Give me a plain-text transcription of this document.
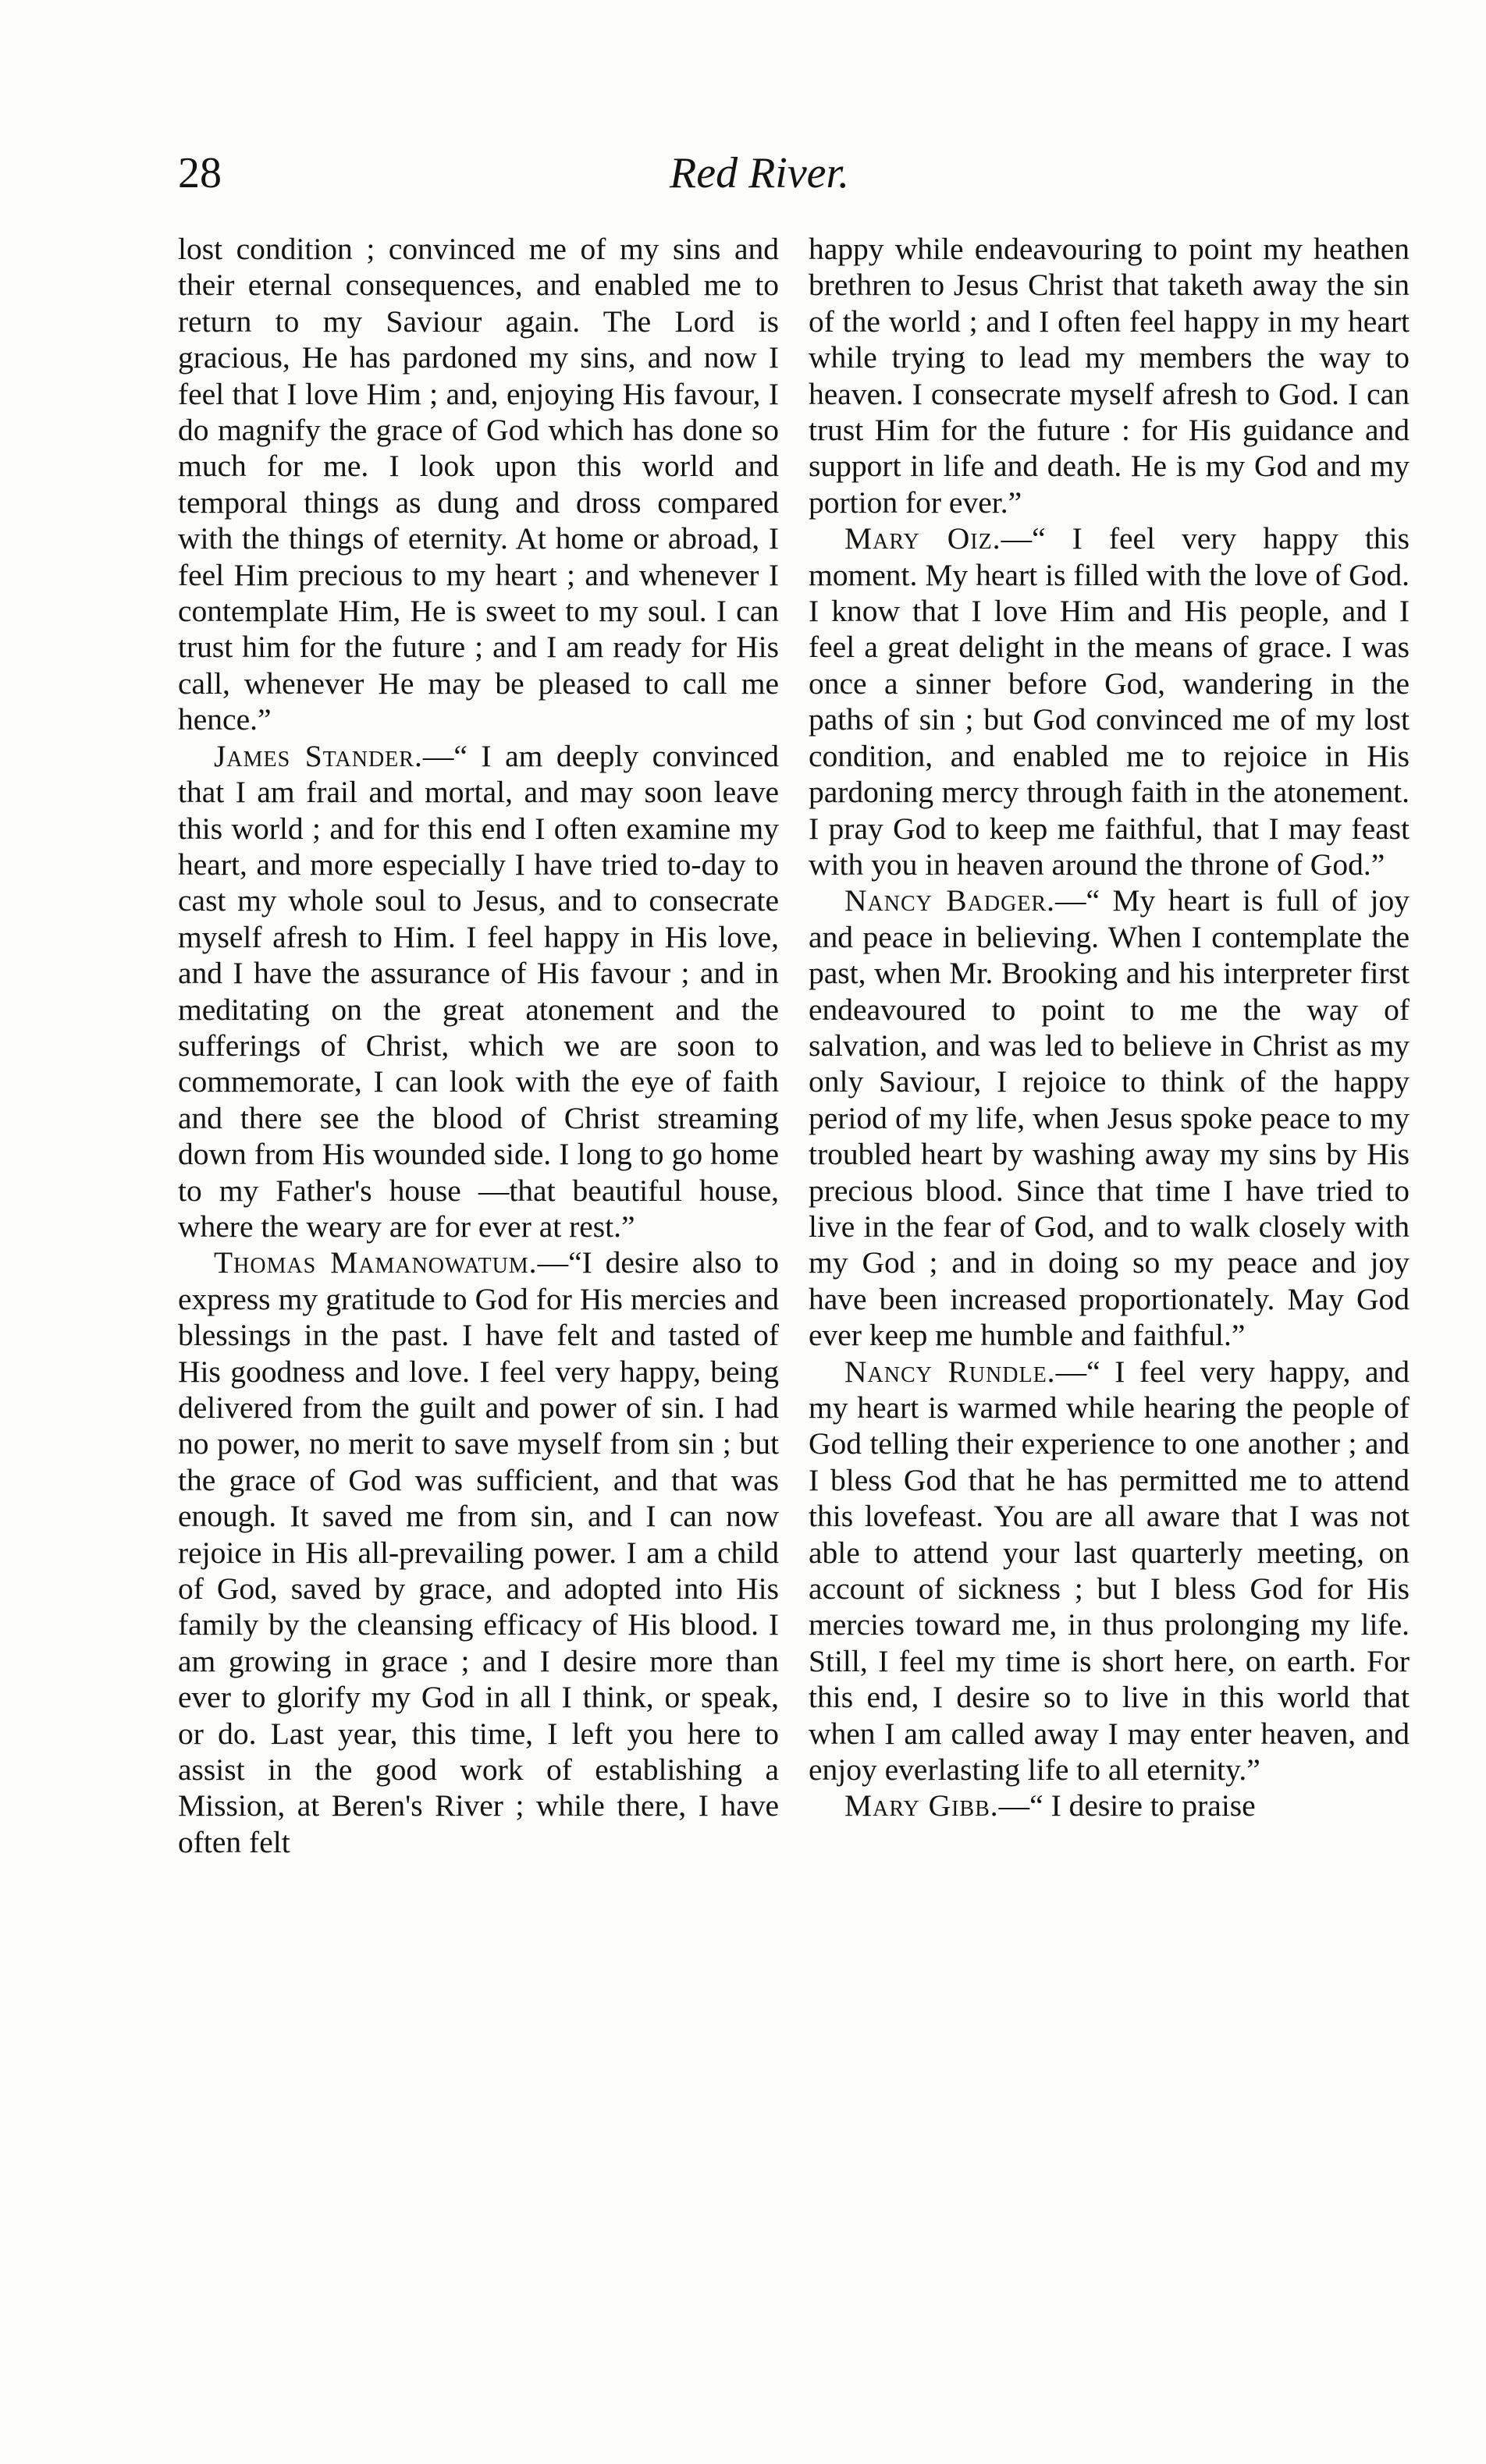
28	Red River.

lost condition ; convinced me of my sins and their eternal consequences, and enabled me to return to my Saviour again. The Lord is gracious, He has pardoned my sins, and now I feel that I love Him ; and, enjoying His favour, I do magnify the grace of God which has done so much for me. I look upon this world and temporal things as dung and dross compared with the things of eternity. At home or abroad, I feel Him precious to my heart ; and whenever I contemplate Him, He is sweet to my soul. I can trust him for the future ; and I am ready for His call, whenever He may be pleased to call me hence.”

James Stander.—“ I am deeply convinced that I am frail and mortal, and may soon leave this world ; and for this end I often examine my heart, and more especially I have tried to-day to cast my whole soul to Jesus, and to consecrate myself afresh to Him. I feel happy in His love, and I have the assurance of His favour ; and in meditating on the great atonement and the sufferings of Christ, which we are soon to commemorate, I can look with the eye of faith and there see the blood of Christ streaming down from His wounded side. I long to go home to my Father's house —that beautiful house, where the weary are for ever at rest.”

Thomas Mamanowatum.—“I desire also to express my gratitude to God for His mercies and blessings in the past. I have felt and tasted of His goodness and love. I feel very happy, being delivered from the guilt and power of sin. I had no power, no merit to save myself from sin ; but the grace of God was sufficient, and that was enough. It saved me from sin, and I can now rejoice in His all-prevailing power. I am a child of God, saved by grace, and adopted into His family by the cleansing efficacy of His blood. I am growing in grace ; and I desire more than ever to glorify my God in all I think, or speak, or do. Last year, this time, I left you here to assist in the good work of establishing a Mission, at Beren's River ; while there, I have often felt

happy while endeavouring to point my heathen brethren to Jesus Christ that taketh away the sin of the world ; and I often feel happy in my heart while trying to lead my members the way to heaven. I consecrate myself afresh to God. I can trust Him for the future : for His guidance and support in life and death. He is my God and my portion for ever.”

Mary Oiz.—“ I feel very happy this moment. My heart is filled with the love of God. I know that I love Him and His people, and I feel a great delight in the means of grace. I was once a sinner before God, wandering in the paths of sin ; but God convinced me of my lost condition, and enabled me to rejoice in His pardoning mercy through faith in the atonement. I pray God to keep me faithful, that I may feast with you in heaven around the throne of God.”

Nancy Badger.—“ My heart is full of joy and peace in believing. When I contemplate the past, when Mr. Brooking and his interpreter first endeavoured to point to me the way of salvation, and was led to believe in Christ as my only Saviour, I rejoice to think of the happy period of my life, when Jesus spoke peace to my troubled heart by washing away my sins by His precious blood. Since that time I have tried to live in the fear of God, and to walk closely with my God ; and in doing so my peace and joy have been increased proportionately. May God ever keep me humble and faithful.”

Nancy Rundle.—“ I feel very happy, and my heart is warmed while hearing the people of God telling their experience to one another ; and I bless God that he has permitted me to attend this lovefeast. You are all aware that I was not able to attend your last quarterly meeting, on account of sickness ; but I bless God for His mercies toward me, in thus prolonging my life. Still, I feel my time is short here, on earth. For this end, I desire so to live in this world that when I am called away I may enter heaven, and enjoy everlasting life to all eternity.”

Mary Gibb.—“ I desire to praise
